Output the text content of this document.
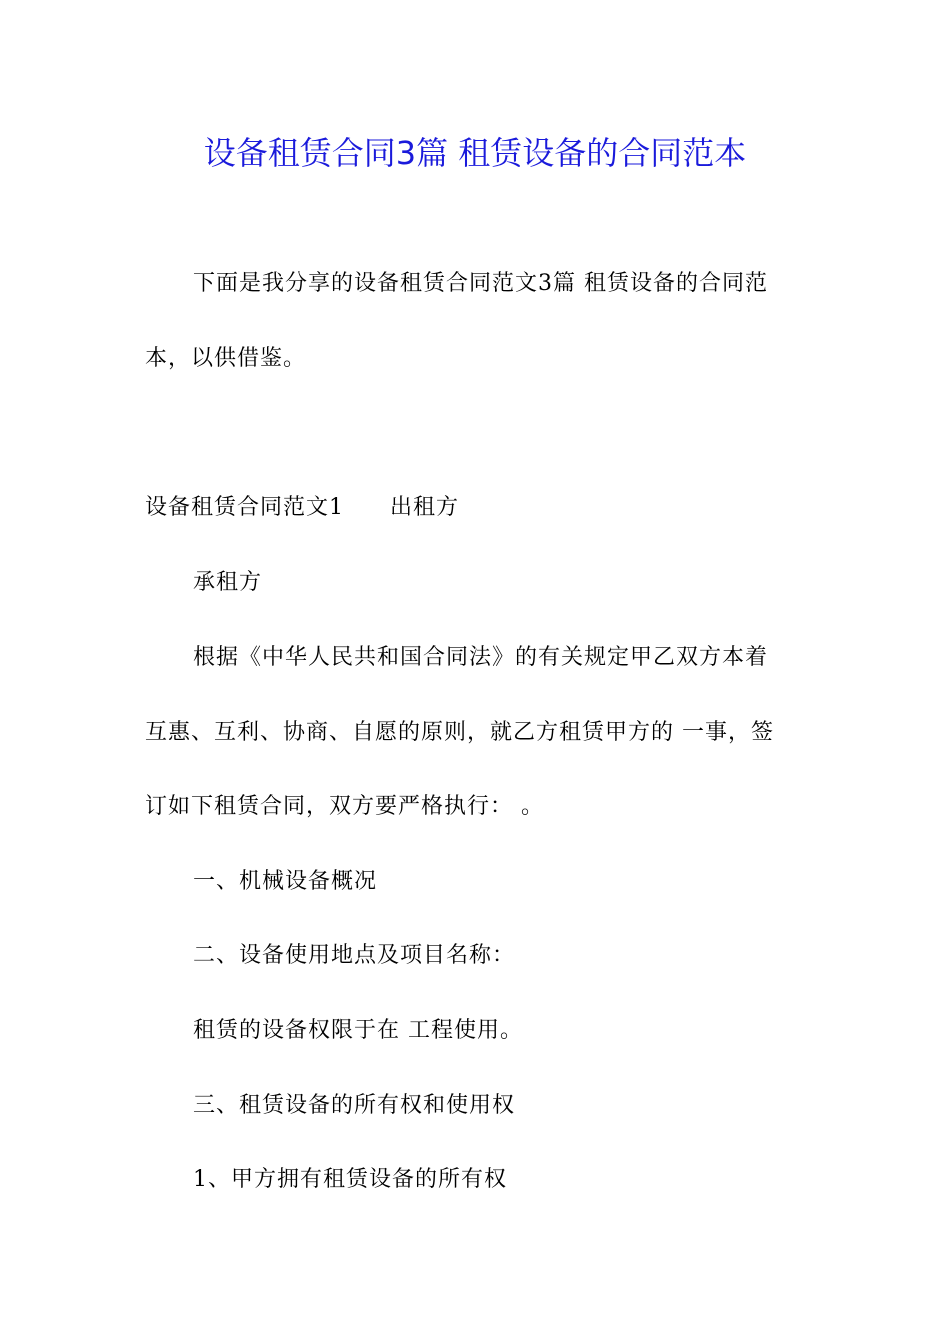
设备租赁合同3篇 租赁设备的合同范本
下面是我分享的设备租赁合同范文3篇 租赁设备的合同范
本，以供借鉴。
设备租赁合同范文1 出租方
承租方
根据《中华人民共和国合同法》的有关规定甲乙双方本着
互惠、互利、协商、自愿的原则，就乙方租赁甲方的 一事，签
订如下租赁合同，双方要严格执行： 。
一、机械设备概况
二、设备使用地点及项目名称：
租赁的设备权限于在 工程使用。
三、租赁设备的所有权和使用权
1、甲方拥有租赁设备的所有权
